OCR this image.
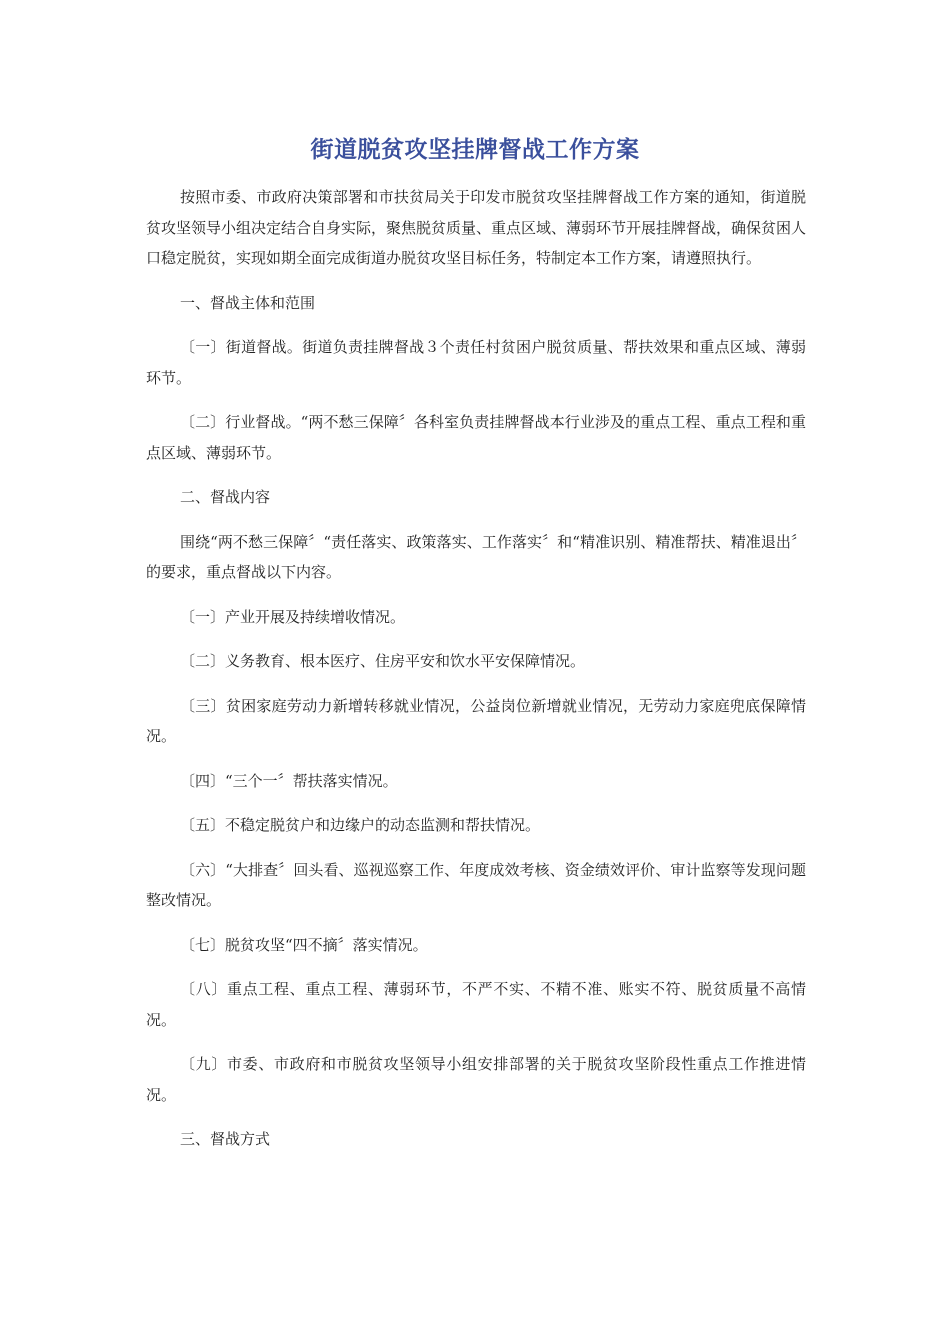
街道脱贫攻坚挂牌督战工作方案

按照市委、市政府决策部署和市扶贫局关于印发市脱贫攻坚挂牌督战工作方案的通知，街道脱贫攻坚领导小组决定结合自身实际，聚焦脱贫质量、重点区域、薄弱环节开展挂牌督战，确保贫困人口稳定脱贫，实现如期全面完成街道办脱贫攻坚目标任务，特制定本工作方案，请遵照执行。

一、督战主体和范围

〔一〕街道督战。街道负责挂牌督战３个责任村贫困户脱贫质量、帮扶效果和重点区域、薄弱环节。

〔二〕行业督战。“两不愁三保障〞各科室负责挂牌督战本行业涉及的重点工程、重点工程和重点区域、薄弱环节。

二、督战内容

围绕“两不愁三保障〞“责任落实、政策落实、工作落实〞和“精准识别、精准帮扶、精准退出〞的要求，重点督战以下内容。

〔一〕产业开展及持续增收情况。

〔二〕义务教育、根本医疗、住房平安和饮水平安保障情况。

〔三〕贫困家庭劳动力新增转移就业情况，公益岗位新增就业情况，无劳动力家庭兜底保障情况。

〔四〕“三个一〞帮扶落实情况。

〔五〕不稳定脱贫户和边缘户的动态监测和帮扶情况。

〔六〕“大排查〞回头看、巡视巡察工作、年度成效考核、资金绩效评价、审计监察等发现问题整改情况。

〔七〕脱贫攻坚“四不摘〞落实情况。

〔八〕重点工程、重点工程、薄弱环节，不严不实、不精不准、账实不符、脱贫质量不高情况。

〔九〕市委、市政府和市脱贫攻坚领导小组安排部署的关于脱贫攻坚阶段性重点工作推进情况。

三、督战方式
